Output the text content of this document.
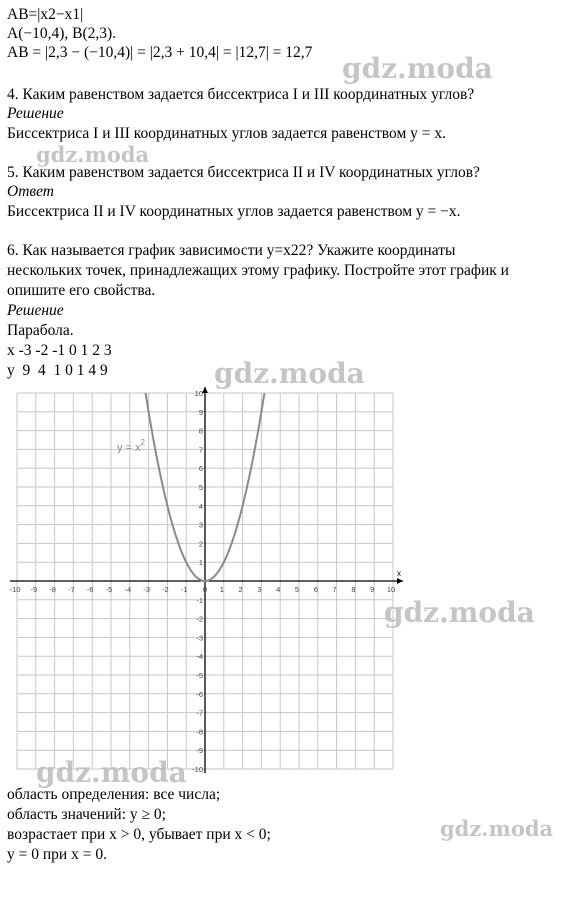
AB=|x2−x1|

A(−10,4), B(2,3).

AB = |2,3 − (−10,4)| = |2,3 + 10,4| = |12,7| = 12,7

4. Каким равенством задается биссектриса I и III координатных углов?

Решение

Биссектриса I и III координатных углов задается равенством y = x.

5. Каким равенством задается биссектриса II и IV координатных углов?

Ответ

Биссектриса II и IV координатных углов задается равенством y = −x.

6. Как называется график зависимости y=x22? Укажите координаты

нескольких точек, принадлежащих этому графику. Постройте этот график и

опишите его свойства.

Решение

Парабола.

x -3 -2 -1 0 1 2 3

y  9  4  1 0 1 4 9

x
-10 -9 -8 -7 -6 -5 -4 -3 -2 -1 0 1 2 3 4 5 6 7 8 9 10
1
2
3
4
5
6
7
8
9
10
-1
-2
-3
-4
-5
-6
-7
-8
-9
-10
$y = x^2$

область определения: все числа;

область значений: y ≥ 0;

возрастает при x > 0, убывает при x < 0;

y = 0 при x = 0.

gdz.moda
gdz.moda
gdz.moda
gdz.moda
gdz.moda
gdz.moda
